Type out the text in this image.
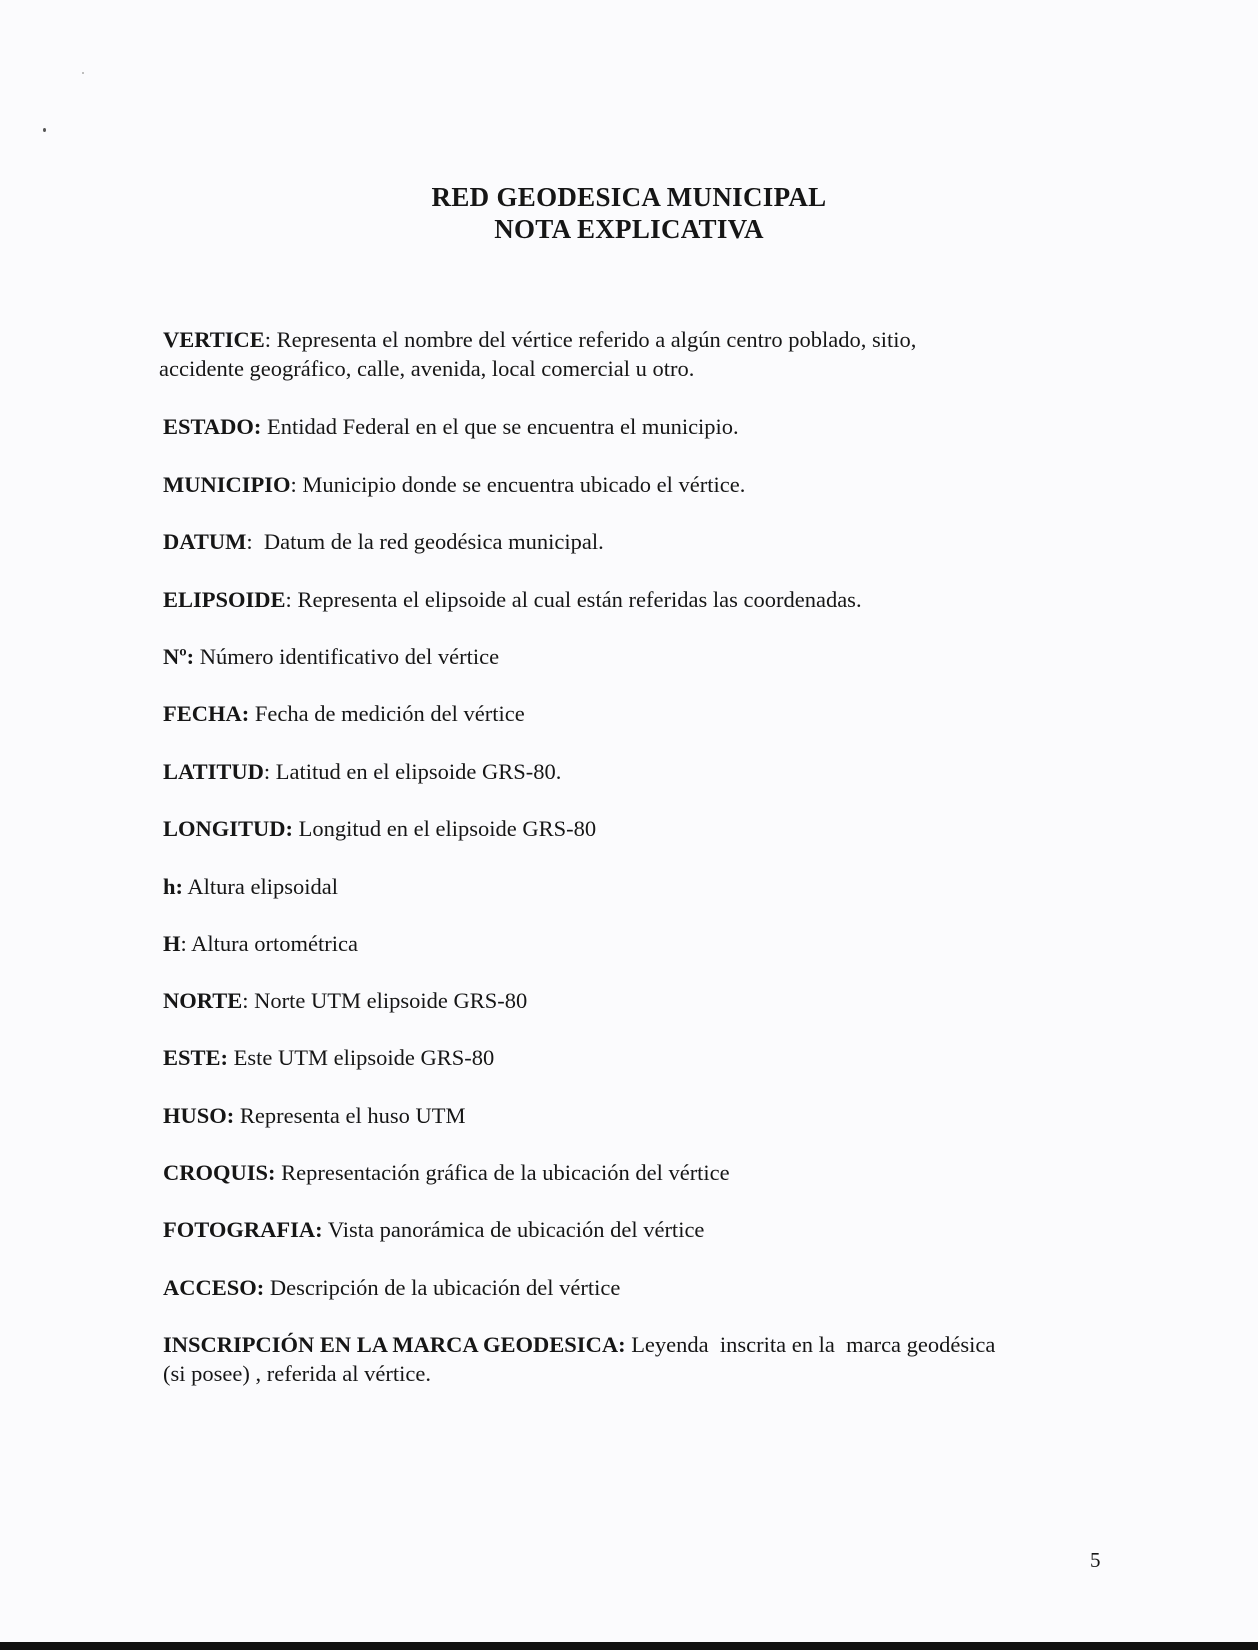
RED GEODESICA MUNICIPAL
NOTA EXPLICATIVA
VERTICE: Representa el nombre del vértice referido a algún centro poblado, sitio,
accidente geográfico, calle, avenida, local comercial u otro.
ESTADO: Entidad Federal en el que se encuentra el municipio.
MUNICIPIO: Municipio donde se encuentra ubicado el vértice.
DATUM:  Datum de la red geodésica municipal.
ELIPSOIDE: Representa el elipsoide al cual están referidas las coordenadas.
Nº: Número identificativo del vértice
FECHA: Fecha de medición del vértice
LATITUD: Latitud en el elipsoide GRS-80.
LONGITUD: Longitud en el elipsoide GRS-80
h: Altura elipsoidal
H: Altura ortométrica
NORTE: Norte UTM elipsoide GRS-80
ESTE: Este UTM elipsoide GRS-80
HUSO: Representa el huso UTM
CROQUIS: Representación gráfica de la ubicación del vértice
FOTOGRAFIA: Vista panorámica de ubicación del vértice
ACCESO: Descripción de la ubicación del vértice
INSCRIPCIÓN EN LA MARCA GEODESICA: Leyenda  inscrita en la  marca geodésica
(si posee) , referida al vértice.
5
